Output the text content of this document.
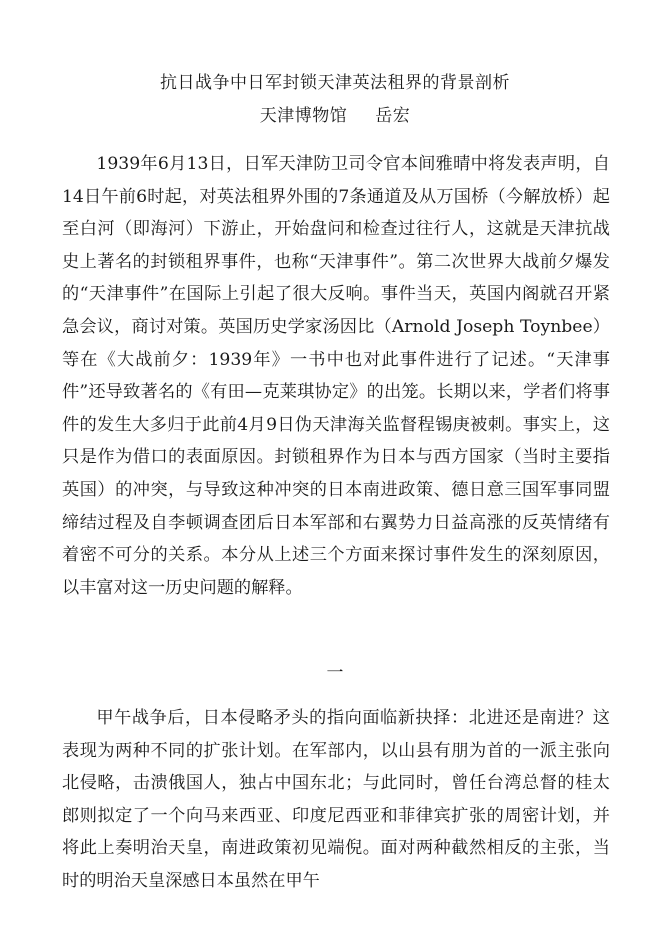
抗日战争中日军封锁天津英法租界的背景剖析
天津博物馆 岳宏

1939年6月13日，日军天津防卫司令官本间雅晴中将发表声明，自14日午前6时起，对英法租界外围的7条通道及从万国桥（今解放桥）起至白河（即海河）下游止，开始盘问和检查过往行人，这就是天津抗战史上著名的封锁租界事件，也称“天津事件”。第二次世界大战前夕爆发的“天津事件”在国际上引起了很大反响。事件当天，英国内阁就召开紧急会议，商讨对策。英国历史学家汤因比（Arnold Joseph Toynbee）等在《大战前夕：1939年》一书中也对此事件进行了记述。“天津事件”还导致著名的《有田—克莱琪协定》的出笼。长期以来，学者们将事件的发生大多归于此前4月9日伪天津海关监督程锡庚被刺。事实上，这只是作为借口的表面原因。封锁租界作为日本与西方国家（当时主要指英国）的冲突，与导致这种冲突的日本南进政策、德日意三国军事同盟缔结过程及自李顿调查团后日本军部和右翼势力日益高涨的反英情绪有着密不可分的关系。本分从上述三个方面来探讨事件发生的深刻原因，以丰富对这一历史问题的解释。

一

甲午战争后，日本侵略矛头的指向面临新抉择：北进还是南进？这表现为两种不同的扩张计划。在军部内，以山县有朋为首的一派主张向北侵略，击溃俄国人，独占中国东北；与此同时，曾任台湾总督的桂太郎则拟定了一个向马来西亚、印度尼西亚和菲律宾扩张的周密计划，并将此上奏明治天皇，南进政策初见端倪。面对两种截然相反的主张，当时的明治天皇深感日本虽然在甲午
